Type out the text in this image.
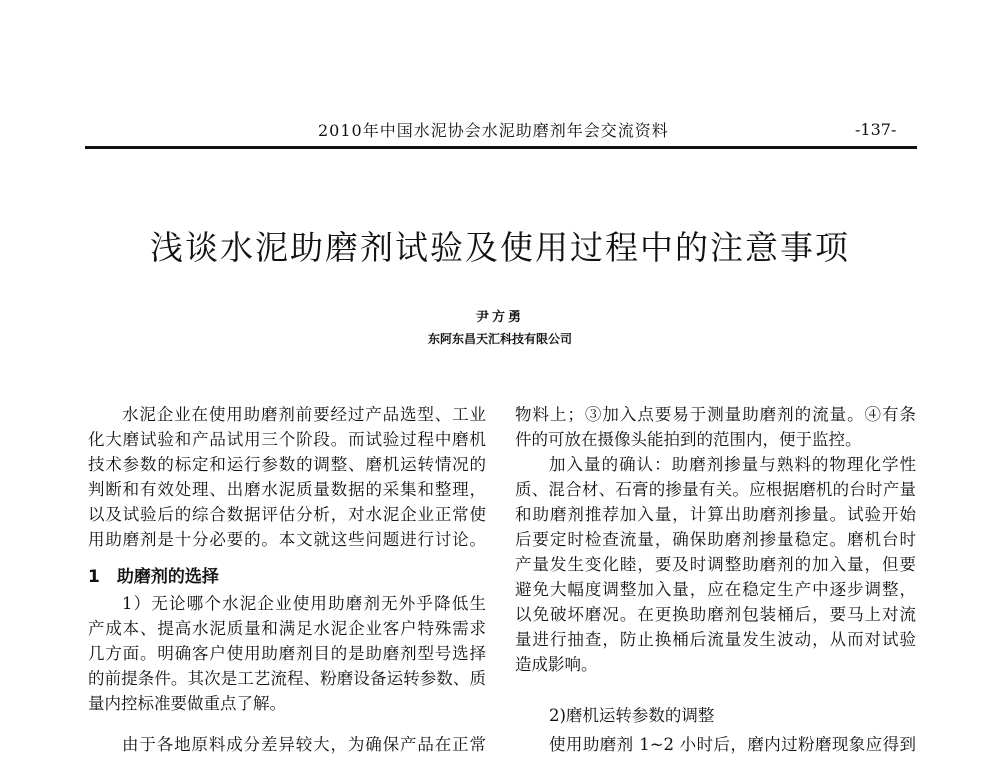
2010年中国水泥协会水泥助磨剂年会交流资料	-137-
浅谈水泥助磨剂试验及使用过程中的注意事项
尹方勇
东阿东昌天汇科技有限公司
水泥企业在使用助磨剂前要经过产品选型、工业
化大磨试验和产品试用三个阶段。而试验过程中磨机
技术参数的标定和运行参数的调整、磨机运转情况的
判断和有效处理、出磨水泥质量数据的采集和整理，
以及试验后的综合数据评估分析，对水泥企业正常使
用助磨剂是十分必要的。本文就这些问题进行讨论。
1　助磨剂的选择
1）无论哪个水泥企业使用助磨剂无外乎降低生
产成本、提高水泥质量和满足水泥企业客户特殊需求
几方面。明确客户使用助磨剂目的是助磨剂型号选择
的前提条件。其次是工艺流程、粉磨设备运转参数、质
量内控标准要做重点了解。
由于各地原料成分差异较大，为确保产品在正常
物料上；③加入点要易于测量助磨剂的流量。④有条
件的可放在摄像头能拍到的范围内，便于监控。
加入量的确认：助磨剂掺量与熟料的物理化学性
质、混合材、石膏的掺量有关。应根据磨机的台时产量
和助磨剂推荐加入量，计算出助磨剂掺量。试验开始
后要定时检查流量，确保助磨剂掺量稳定。磨机台时
产量发生变化睦，要及时调整助磨剂的加入量，但要
避免大幅度调整加入量，应在稳定生产中逐步调整，
以免破坏磨况。在更换助磨剂包装桶后，要马上对流
量进行抽查，防止换桶后流量发生波动，从而对试验
造成影响。
2)磨机运转参数的调整
使用助磨剂 1~2 小时后，磨内过粉磨现象应得到
